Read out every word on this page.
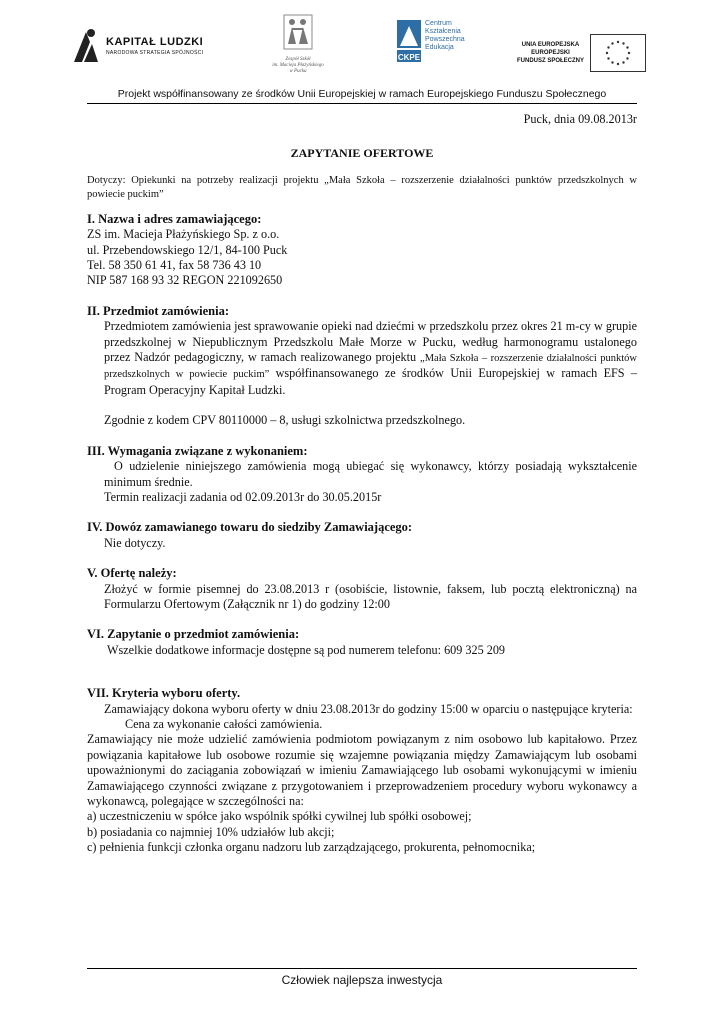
KAPITAŁ LUDZKI
NARODOWA STRATEGIA SPÓJNOŚCI
Zespół Szkół
im. Macieja Płażyńskiego
w Pucku
CKPE
Centrum
Kształcenia
Powszechna
Edukacja	UNIA EUROPEJSKA
EUROPEJSKI
FUNDUSZ SPOŁECZNY
Projekt współfinansowany ze środków Unii Europejskiej w ramach Europejskiego Funduszu Społecznego
Puck, dnia 09.08.2013r
ZAPYTANIE OFERTOWE
Dotyczy: Opiekunki na potrzeby realizacji projektu „Mała Szkoła – rozszerzenie działalności punktów przedszkolnych w powiecie puckim”
I. Nazwa i adres zamawiającego:

ZS im. Macieja Płażyńskiego Sp. z o.o.

ul. Przebendowskiego 12/1, 84-100 Puck

Tel. 58 350 61 41, fax 58 736 43 10

NIP 587 168 93 32 REGON 221092650

II. Przedmiot zamówienia:

Przedmiotem zamówienia jest sprawowanie opieki nad dziećmi w przedszkolu przez okres 21 m-cy w grupie przedszkolnej w Niepublicznym Przedszkolu Małe Morze w Pucku, według harmonogramu ustalonego przez Nadzór pedagogiczny, w ramach realizowanego projektu „Mała Szkoła – rozszerzenie działalności punktów przedszkolnych w powiecie puckim” współfinansowanego ze środków Unii Europejskiej w ramach EFS – Program Operacyjny Kapitał Ludzki.

Zgodnie z kodem CPV 80110000 – 8, usługi szkolnictwa przedszkolnego.

III. Wymagania związane z wykonaniem:

O udzielenie niniejszego zamówienia mogą ubiegać się wykonawcy, którzy posiadają wykształcenie minimum średnie.

Termin realizacji zadania od 02.09.2013r do 30.05.2015r

IV. Dowóz zamawianego towaru do siedziby Zamawiającego:

Nie dotyczy.

V. Ofertę należy:

Złożyć w formie pisemnej do 23.08.2013 r (osobiście, listownie, faksem, lub pocztą elektroniczną) na Formularzu Ofertowym (Załącznik nr 1) do godziny 12:00

VI. Zapytanie o przedmiot zamówienia:

Wszelkie dodatkowe informacje dostępne są pod numerem telefonu: 609 325 209

VII. Kryteria wyboru oferty.

Zamawiający dokona wyboru oferty w dniu 23.08.2013r do godziny 15:00 w oparciu o następujące kryteria:

Cena za wykonanie całości zamówienia.

Zamawiający nie może udzielić zamówienia podmiotom powiązanym z nim osobowo lub kapitałowo. Przez powiązania kapitałowe lub osobowe rozumie się wzajemne powiązania między Zamawiającym lub osobami upoważnionymi do zaciągania zobowiązań w imieniu Zamawiającego lub osobami wykonującymi w imieniu Zamawiającego czynności związane z przygotowaniem i przeprowadzeniem procedury wyboru wykonawcy a wykonawcą, polegające w szczególności na:

a) uczestniczeniu w spółce jako wspólnik spółki cywilnej lub spółki osobowej;

b) posiadania co najmniej 10% udziałów lub akcji;

c) pełnienia funkcji członka organu nadzoru lub zarządzającego, prokurenta, pełnomocnika;

Człowiek najlepsza inwestycja
